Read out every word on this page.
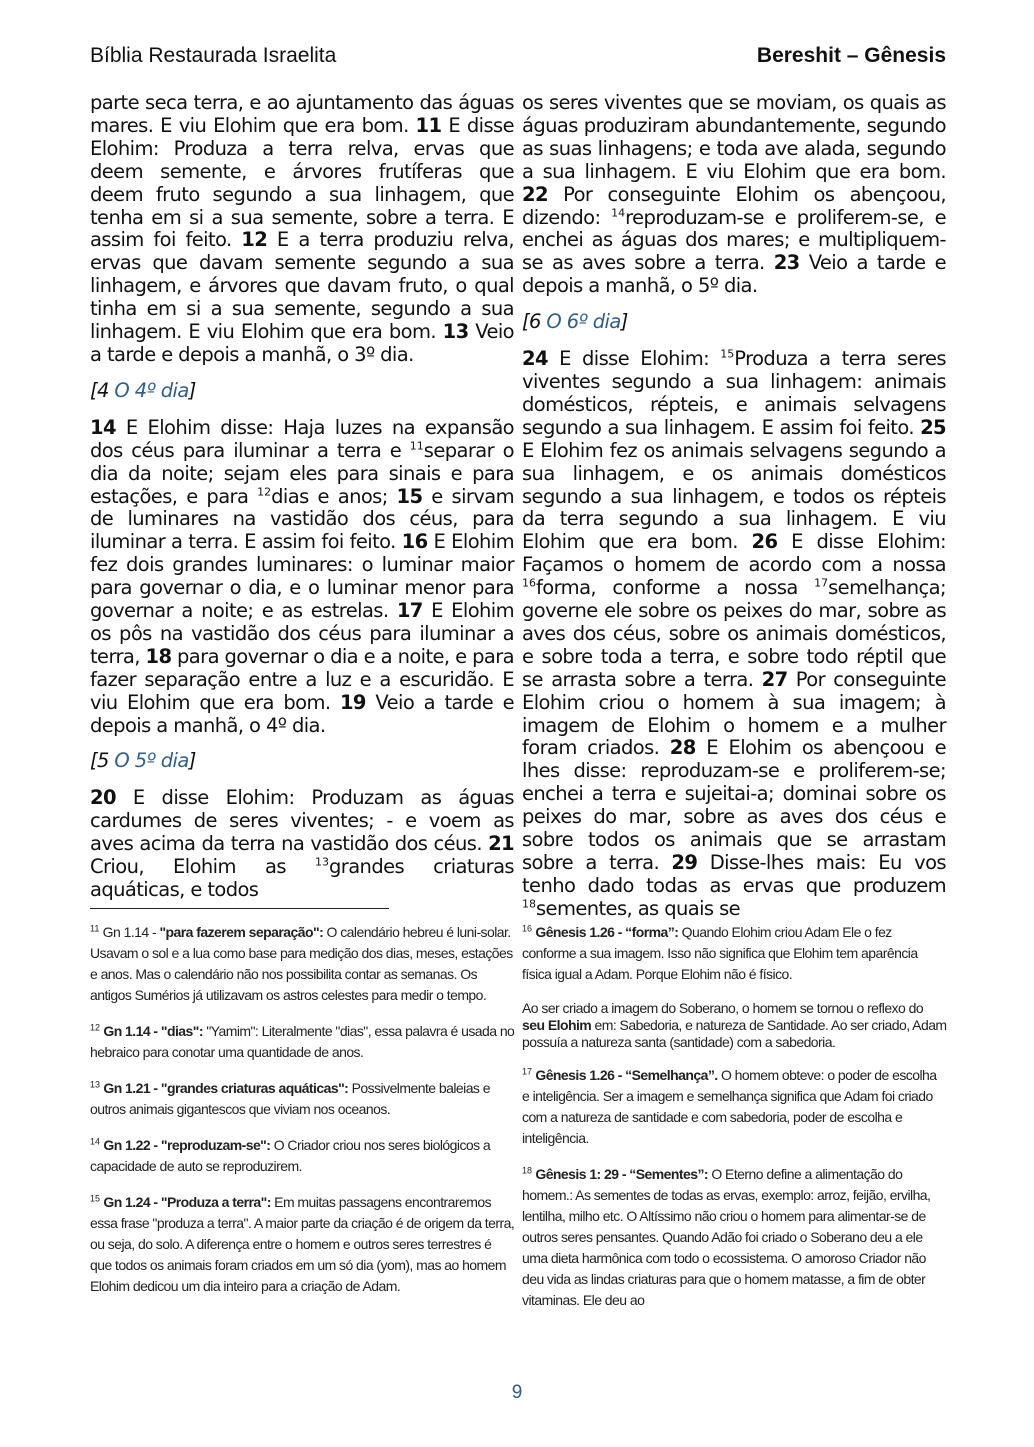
Bíblia Restaurada Israelita	Bereshit – Gênesis

parte seca terra, e ao ajuntamento das águas mares. E viu Elohim que era bom. 11 E disse Elohim: Produza a terra relva, ervas que deem semente, e árvores frutíferas que deem fruto segundo a sua linhagem, que tenha em si a sua semente, sobre a terra. E assim foi feito. 12 E a terra produziu relva, ervas que davam semente segundo a sua linhagem, e árvores que davam fruto, o qual tinha em si a sua semente, segundo a sua linhagem. E viu Elohim que era bom. 13 Veio a tarde e depois a manhã, o 3º dia.

[4 O 4º dia]

14 E Elohim disse: Haja luzes na expansão dos céus para iluminar a terra e $^{11}$separar o dia da noite; sejam eles para sinais e para estações, e para $^{12}$dias e anos; 15 e sirvam de luminares na vastidão dos céus, para iluminar a terra. E assim foi feito. 16 E Elohim fez dois grandes luminares: o luminar maior para governar o dia, e o luminar menor para governar a noite; e as estrelas. 17 E Elohim os pôs na vastidão dos céus para iluminar a terra, 18 para governar o dia e a noite, e para fazer separação entre a luz e a escuridão. E viu Elohim que era bom. 19 Veio a tarde e depois a manhã, o 4º dia.

[5 O 5º dia]

20 E disse Elohim: Produzam as águas cardumes de seres viventes; - e voem as aves acima da terra na vastidão dos céus. 21 Criou, Elohim as $^{13}$grandes criaturas aquáticas, e todos

os seres viventes que se moviam, os quais as águas produziram abundantemente, segundo as suas linhagens; e toda ave alada, segundo a sua linhagem. E viu Elohim que era bom. 22 Por conseguinte Elohim os abençoou, dizendo: $^{14}$reproduzam-se e proliferem-se, e enchei as águas dos mares; e multipliquem-se as aves sobre a terra. 23 Veio a tarde e depois a manhã, o 5º dia.

[6 O 6º dia]

24 E disse Elohim: $^{15}$Produza a terra seres viventes segundo a sua linhagem: animais domésticos, répteis, e animais selvagens segundo a sua linhagem. E assim foi feito. 25 E Elohim fez os animais selvagens segundo a sua linhagem, e os animais domésticos segundo a sua linhagem, e todos os répteis da terra segundo a sua linhagem. E viu Elohim que era bom. 26 E disse Elohim: Façamos o homem de acordo com a nossa $^{16}$forma, conforme a nossa $^{17}$semelhança; governe ele sobre os peixes do mar, sobre as aves dos céus, sobre os animais domésticos, e sobre toda a terra, e sobre todo réptil que se arrasta sobre a terra. 27 Por conseguinte Elohim criou o homem à sua imagem; à imagem de Elohim o homem e a mulher foram criados. 28 E Elohim os abençoou e lhes disse: reproduzam-se e proliferem-se; enchei a terra e sujeitai-a; dominai sobre os peixes do mar, sobre as aves dos céus e sobre todos os animais que se arrastam sobre a terra. 29 Disse-lhes mais: Eu vos tenho dado todas as ervas que produzem $^{18}$sementes, as quais se

$^{11}$ Gn 1.14 - "para fazerem separação": O calendário hebreu é luni-solar. Usavam o sol e a lua como base para medição dos dias, meses, estações e anos. Mas o calendário não nos possibilita contar as semanas. Os antigos Sumérios já utilizavam os astros celestes para medir o tempo.

$^{12}$ Gn 1.14 - "dias": "Yamim": Literalmente "dias", essa palavra é usada no hebraico para conotar uma quantidade de anos.

$^{13}$ Gn 1.21 - "grandes criaturas aquáticas": Possivelmente baleias e outros animais gigantescos que viviam nos oceanos.

$^{14}$ Gn 1.22 - "reproduzam-se": O Criador criou nos seres biológicos a capacidade de auto se reproduzirem.

$^{15}$ Gn 1.24 - "Produza a terra": Em muitas passagens encontraremos essa frase "produza a terra". A maior parte da criação é de origem da terra, ou seja, do solo. A diferença entre o homem e outros seres terrestres é que todos os animais foram criados em um só dia (yom), mas ao homem Elohim dedicou um dia inteiro para a criação de Adam.

$^{16}$ Gênesis 1.26 - “forma”: Quando Elohim criou Adam Ele o fez conforme a sua imagem. Isso não significa que Elohim tem aparência física igual a Adam. Porque Elohim não é físico.

Ao ser criado a imagem do Soberano, o homem se tornou o reflexo do seu Elohim em: Sabedoria, e natureza de Santidade. Ao ser criado, Adam possuía a natureza santa (santidade) com a sabedoria.

$^{17}$ Gênesis 1.26 - “Semelhança”. O homem obteve: o poder de escolha e inteligência. Ser a imagem e semelhança significa que Adam foi criado com a natureza de santidade e com sabedoria, poder de escolha e inteligência.

$^{18}$ Gênesis 1: 29 - “Sementes”: O Eterno define a alimentação do homem.: As sementes de todas as ervas, exemplo: arroz, feijão, ervilha, lentilha, milho etc. O Altíssimo não criou o homem para alimentar-se de outros seres pensantes. Quando Adão foi criado o Soberano deu a ele uma dieta harmônica com todo o ecossistema. O amoroso Criador não deu vida as lindas criaturas para que o homem matasse, a fim de obter vitaminas. Ele deu ao

9
